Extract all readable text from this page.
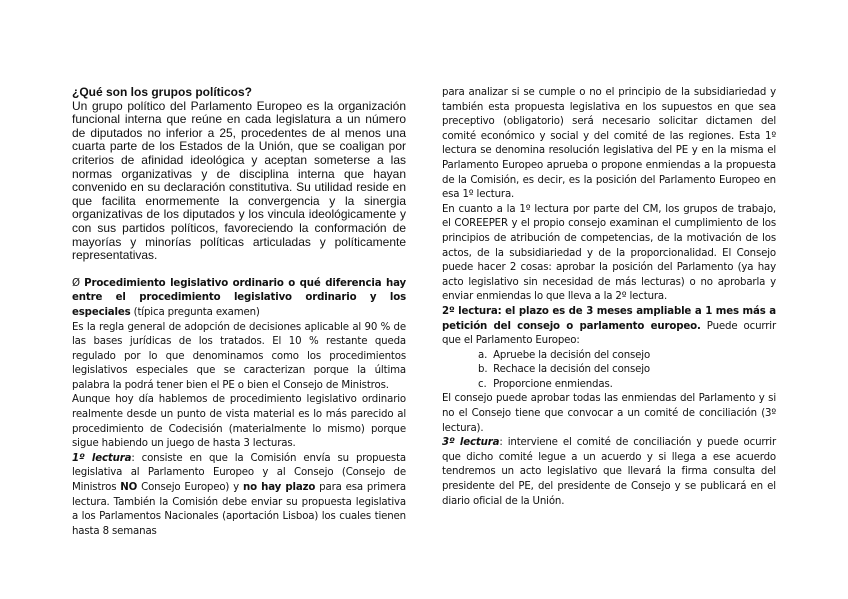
¿Qué son los grupos políticos?

Un grupo político del Parlamento Europeo es la organización funcional interna que reúne en cada legislatura a un número de diputados no inferior a 25, procedentes de al menos una cuarta parte de los Estados de la Unión, que se coaligan por criterios de afinidad ideológica y aceptan someterse a las normas organizativas y de disciplina interna que hayan convenido en su declaración constitutiva. Su utilidad reside en que facilita enormemente la convergencia y la sinergia organizativas de los diputados y los vincula ideológicamente y con sus partidos políticos, favoreciendo la conformación de mayorías y minorías políticas articuladas y políticamente representativas.

Ø Procedimiento legislativo ordinario o qué diferencia hay entre el procedimiento legislativo ordinario y los especiales (típica pregunta examen)

Es la regla general de adopción de decisiones aplicable al 90 % de las bases jurídicas de los tratados. El 10 % restante queda regulado por lo que denominamos como los procedimientos legislativos especiales que se caracterizan porque la última palabra la podrá tener bien el PE o bien el Consejo de Ministros.

Aunque hoy día hablemos de procedimiento legislativo ordinario realmente desde un punto de vista material es lo más parecido al procedimiento de Codecisión (materialmente lo mismo) porque sigue habiendo un juego de hasta 3 lecturas.

1º lectura: consiste en que la Comisión envía su propuesta legislativa al Parlamento Europeo y al Consejo (Consejo de Ministros NO Consejo Europeo) y no hay plazo para esa primera lectura. También la Comisión debe enviar su propuesta legislativa a los Parlamentos Nacionales (aportación Lisboa) los cuales tienen hasta 8 semanas

para analizar si se cumple o no el principio de la subsidiariedad y también esta propuesta legislativa en los supuestos en que sea preceptivo (obligatorio) será necesario solicitar dictamen del comité económico y social y del comité de las regiones. Esta 1º lectura se denomina resolución legislativa del PE y en la misma el Parlamento Europeo aprueba o propone enmiendas a la propuesta de la Comisión, es decir, es la posición del Parlamento Europeo en esa 1º lectura.

En cuanto a la 1º lectura por parte del CM, los grupos de trabajo, el COREEPER y el propio consejo examinan el cumplimiento de los principios de atribución de competencias, de la motivación de los actos, de la subsidiariedad y de la proporcionalidad. El Consejo puede hacer 2 cosas: aprobar la posición del Parlamento (ya hay acto legislativo sin necesidad de más lecturas) o no aprobarla y enviar enmiendas lo que lleva a la 2º lectura.

2º lectura: el plazo es de 3 meses ampliable a 1 mes más a petición del consejo o parlamento europeo. Puede ocurrir que el Parlamento Europeo:

a. Apruebe la decisión del consejo

b. Rechace la decisión del consejo

c. Proporcione enmiendas.

El consejo puede aprobar todas las enmiendas del Parlamento y si no el Consejo tiene que convocar a un comité de conciliación (3º lectura).

3º lectura: interviene el comité de conciliación y puede ocurrir que dicho comité legue a un acuerdo y si llega a ese acuerdo tendremos un acto legislativo que llevará la firma consulta del presidente del PE, del presidente de Consejo y se publicará en el diario oficial de la Unión.
